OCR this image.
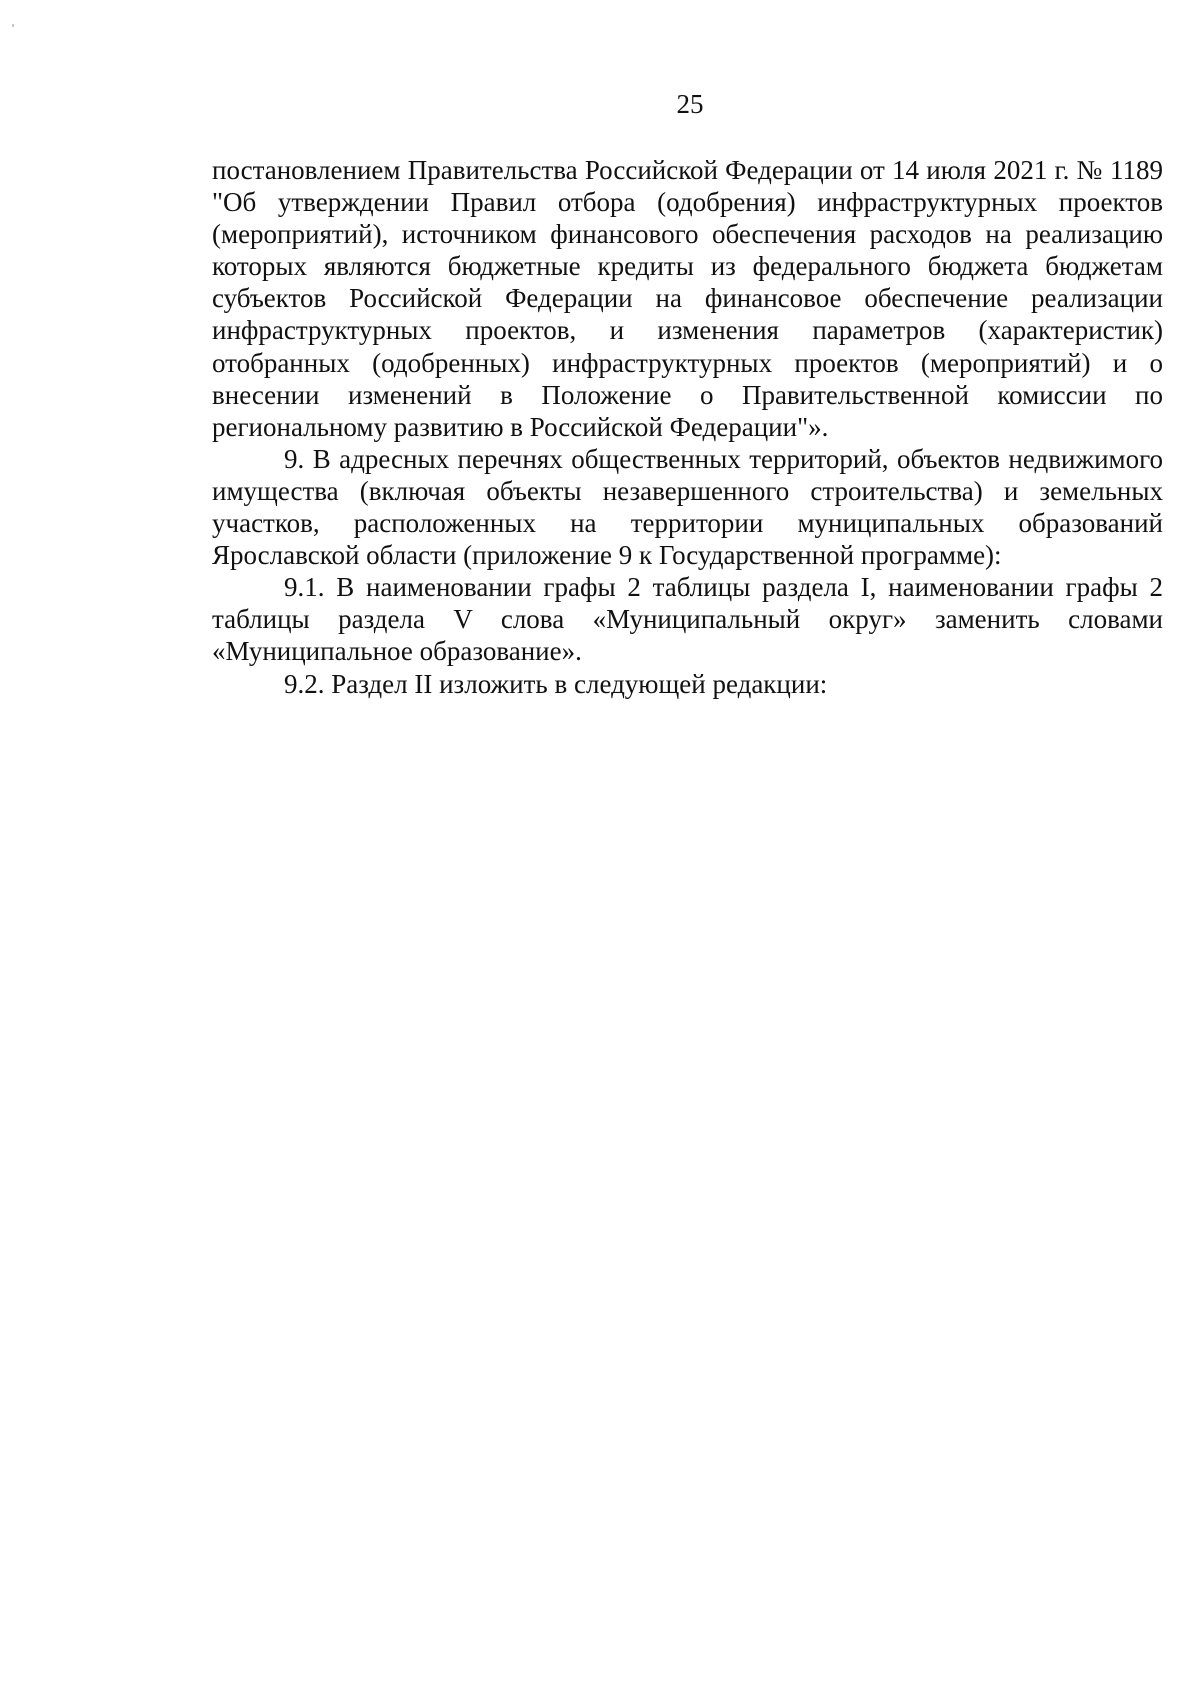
25

постановлением Правительства Российской Федерации от 14 июля 2021 г. № 1189 "Об утверждении Правил отбора (одобрения) инфраструктурных проектов (мероприятий), источником финансового обеспечения расходов на реализацию которых являются бюджетные кредиты из федерального бюджета бюджетам субъектов Российской Федерации на финансовое обеспечение реализации инфраструктурных проектов, и изменения параметров (характеристик) отобранных (одобренных) инфраструктурных проектов (мероприятий) и о внесении изменений в Положение о Правительственной комиссии по региональному развитию в Российской Федерации"».

9. В адресных перечнях общественных территорий, объектов недвижимого имущества (включая объекты незавершенного строительства) и земельных участков, расположенных на территории муниципальных образований Ярославской области (приложение 9 к Государственной программе):

9.1. В наименовании графы 2 таблицы раздела I, наименовании графы 2 таблицы раздела V слова «Муниципальный округ» заменить словами «Муниципальное образование».

9.2. Раздел II изложить в следующей редакции:
